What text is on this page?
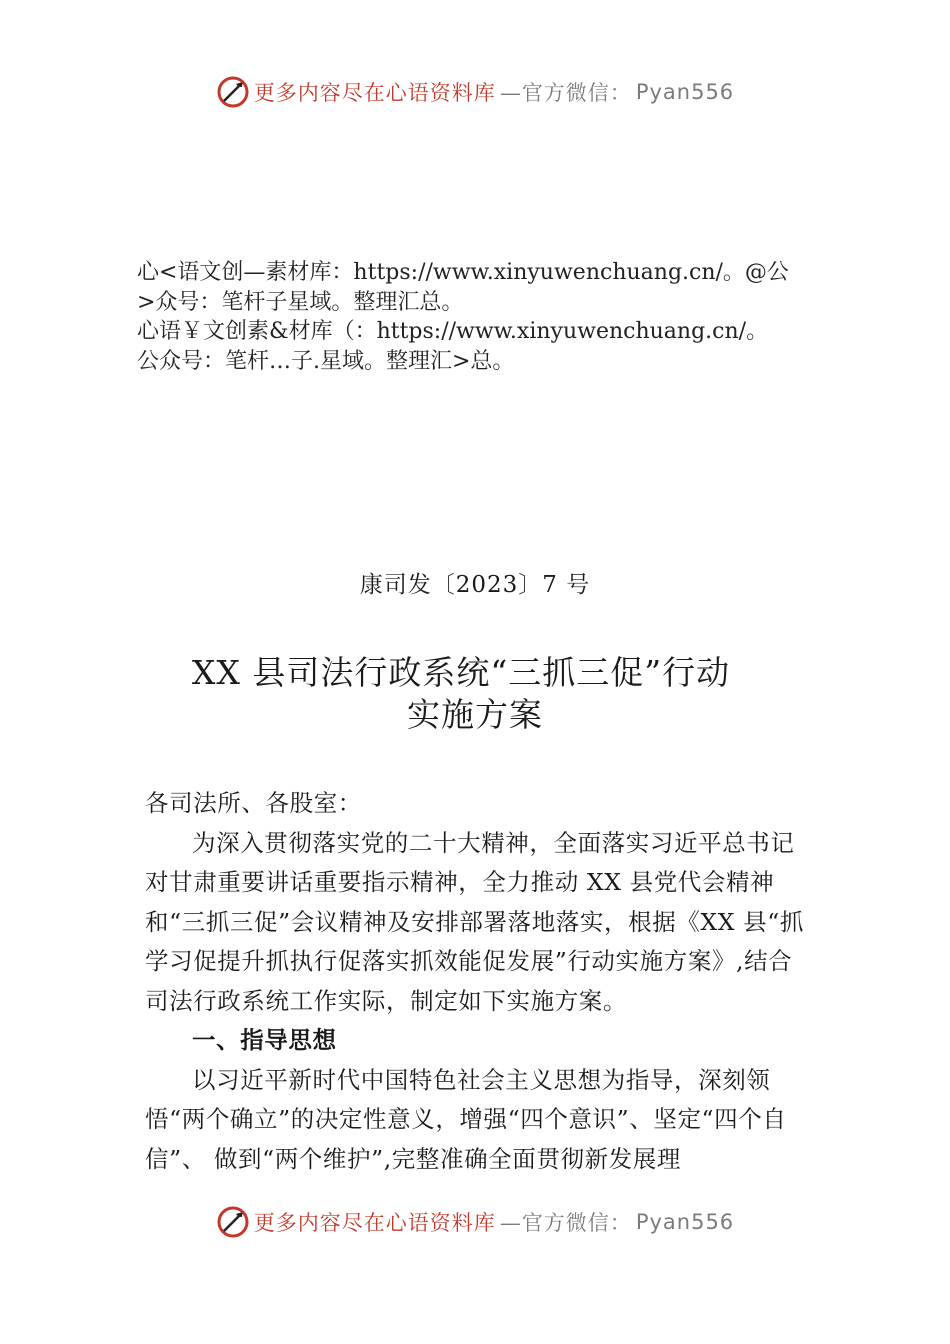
更多内容尽在心语资料库 —官方微信： Pyan556
心<语文创—素材库：https://www.xinyuwenchuang.cn/。@公
>众号：笔杆子星域。整理汇总。
心语￥文创素&材库（：https://www.xinyuwenchuang.cn/。
公众号：笔杆…子.星域。整理汇>总。
康司发〔2023〕7 号
XX 县司法行政系统“三抓三促”行动
实施方案

各司法所、各股室：

为深入贯彻落实党的二十大精神，全面落实习近平总书记对甘肃重要讲话重要指示精神，全力推动 XX 县党代会精神和“三抓三促”会议精神及安排部署落地落实，根据《XX 县“抓学习促提升抓执行促落实抓效能促发展”行动实施方案》,结合司法行政系统工作实际，制定如下实施方案。

一、指导思想

以习近平新时代中国特色社会主义思想为指导，深刻领悟“两个确立”的决定性意义，增强“四个意识”、坚定“四个自信”、 做到“两个维护”,完整准确全面贯彻新发展理

更多内容尽在心语资料库 —官方微信： Pyan556
